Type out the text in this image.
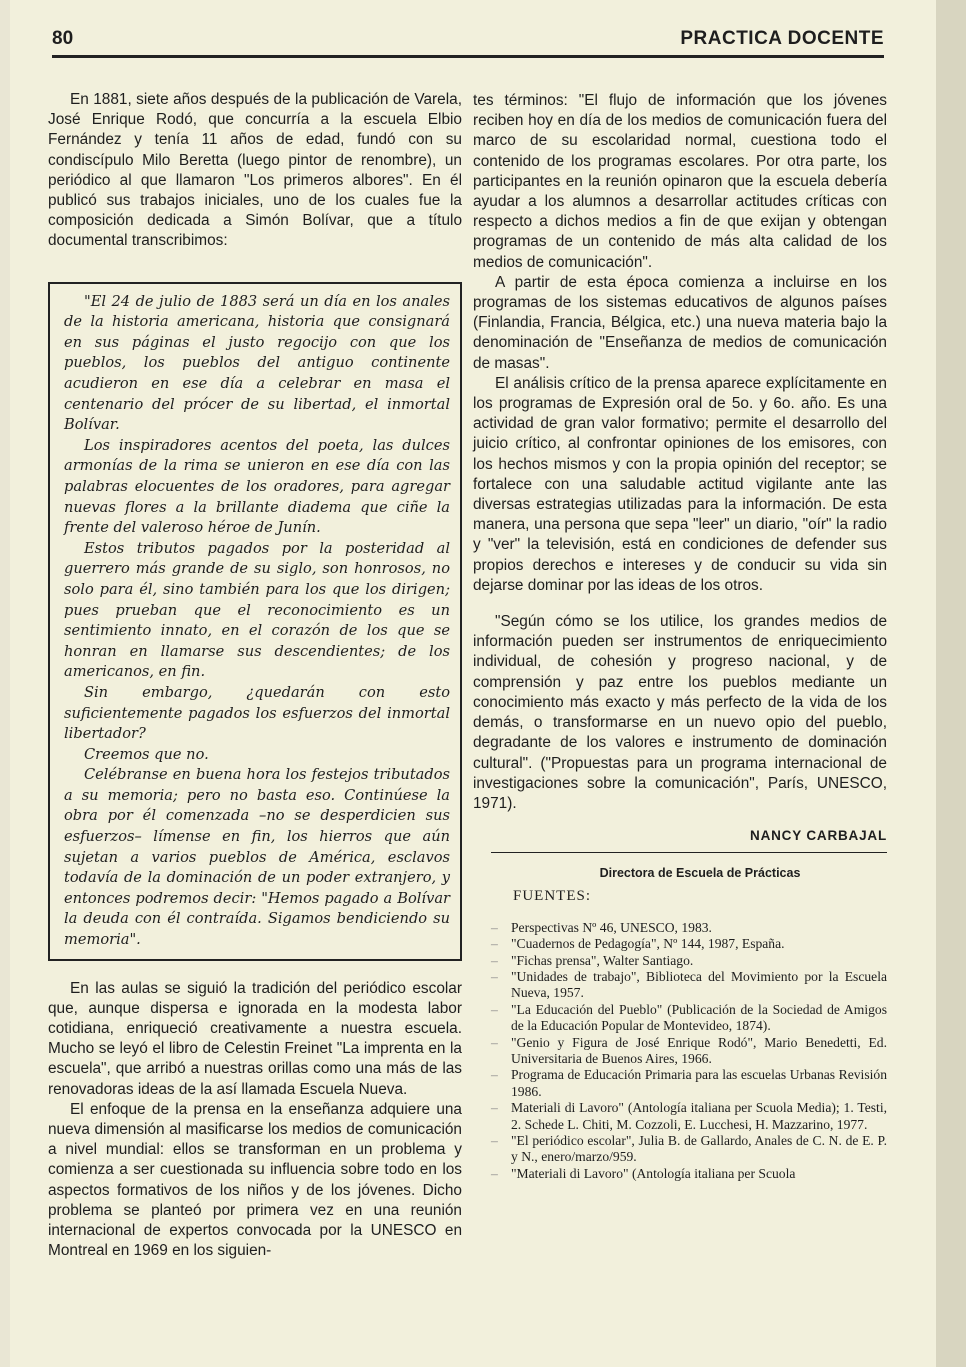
80	PRACTICA DOCENTE

En 1881, siete años después de la publicación de Varela, José Enrique Rodó, que concurría a la escuela Elbio Fernández y tenía 11 años de edad, fundó con su condiscípulo Milo Beretta (luego pintor de renombre), un periódico al que llamaron "Los primeros albores". En él publicó sus trabajos iniciales, uno de los cuales fue la composición dedicada a Simón Bolívar, que a título documental transcribimos:

"El 24 de julio de 1883 será un día en los anales de la historia americana, historia que consignará en sus páginas el justo regocijo con que los pueblos, los pueblos del antiguo continente acudieron en ese día a celebrar en masa el centenario del prócer de su libertad, el inmortal Bolívar.

Los inspiradores acentos del poeta, las dulces armonías de la rima se unieron en ese día con las palabras elocuentes de los oradores, para agregar nuevas flores a la brillante diadema que ciñe la frente del valeroso héroe de Junín.

Estos tributos pagados por la posteridad al guerrero más grande de su siglo, son honrosos, no solo para él, sino también para los que los dirigen; pues prueban que el reconocimiento es un sentimiento innato, en el corazón de los que se honran en llamarse sus descendientes; de los americanos, en fin.

Sin embargo, ¿quedarán con esto suficientemente pagados los esfuerzos del inmortal libertador?

Creemos que no.

Celébranse en buena hora los festejos tributados a su memoria; pero no basta eso. Continúese la obra por él comenzada –no se desperdicien sus esfuerzos– límense en fin, los hierros que aún sujetan a varios pueblos de América, esclavos todavía de la dominación de un poder extranjero, y entonces podremos decir: "Hemos pagado a Bolívar la deuda con él contraída. Sigamos bendiciendo su memoria".

En las aulas se siguió la tradición del periódico escolar que, aunque dispersa e ignorada en la modesta labor cotidiana, enriqueció creativamente a nuestra escuela. Mucho se leyó el libro de Celestin Freinet "La imprenta en la escuela", que arribó a nuestras orillas como una más de las renovadoras ideas de la así llamada Escuela Nueva.

El enfoque de la prensa en la enseñanza adquiere una nueva dimensión al masificarse los medios de comunicación a nivel mundial: ellos se transforman en un problema y comienza a ser cuestionada su influencia sobre todo en los aspectos formativos de los niños y de los jóvenes. Dicho problema se planteó por primera vez en una reunión internacional de expertos convocada por la UNESCO en Montreal en 1969 en los siguien-

tes términos: "El flujo de información que los jóvenes reciben hoy en día de los medios de comunicación fuera del marco de su escolaridad normal, cuestiona todo el contenido de los programas escolares. Por otra parte, los participantes en la reunión opinaron que la escuela debería ayudar a los alumnos a desarrollar actitudes críticas con respecto a dichos medios a fin de que exijan y obtengan programas de un contenido de más alta calidad de los medios de comunicación".

A partir de esta época comienza a incluirse en los programas de los sistemas educativos de algunos países (Finlandia, Francia, Bélgica, etc.) una nueva materia bajo la denominación de "Enseñanza de medios de comunicación de masas".

El análisis crítico de la prensa aparece explícitamente en los programas de Expresión oral de 5o. y 6o. año. Es una actividad de gran valor formativo; permite el desarrollo del juicio crítico, al confrontar opiniones de los emisores, con los hechos mismos y con la propia opinión del receptor; se fortalece con una saludable actitud vigilante ante las diversas estrategias utilizadas para la información. De esta manera, una persona que sepa "leer" un diario, "oír" la radio y "ver" la televisión, está en condiciones de defender sus propios derechos e intereses y de conducir su vida sin dejarse dominar por las ideas de los otros.

"Según cómo se los utilice, los grandes medios de información pueden ser instrumentos de enriquecimiento individual, de cohesión y progreso nacional, y de comprensión y paz entre los pueblos mediante un conocimiento más exacto y más perfecto de la vida de los demás, o transformarse en un nuevo opio del pueblo, degradante de los valores e instrumento de dominación cultural". ("Propuestas para un programa internacional de investigaciones sobre la comunicación", París, UNESCO, 1971).

NANCY CARBAJAL
Directora de Escuela de Prácticas
FUENTES:
– Perspectivas Nº 46, UNESCO, 1983.
– "Cuadernos de Pedagogía", Nº 144, 1987, España.
– "Fichas prensa", Walter Santiago.
– "Unidades de trabajo", Biblioteca del Movimiento por la Escuela Nueva, 1957.
– "La Educación del Pueblo" (Publicación de la Sociedad de Amigos de la Educación Popular de Montevideo, 1874).
– "Genio y Figura de José Enrique Rodó", Mario Benedetti, Ed. Universitaria de Buenos Aires, 1966.
– Programa de Educación Primaria para las escuelas Urbanas Revisión 1986.
– Materiali di Lavoro" (Antología italiana per Scuola Media); 1. Testi, 2. Schede L. Chiti, M. Cozzoli, E. Lucchesi, H. Mazzarino, 1977.
– "El periódico escolar", Julia B. de Gallardo, Anales de C. N. de E. P. y N., enero/marzo/959.
– "Materiali di Lavoro" (Antología italiana per Scuola
